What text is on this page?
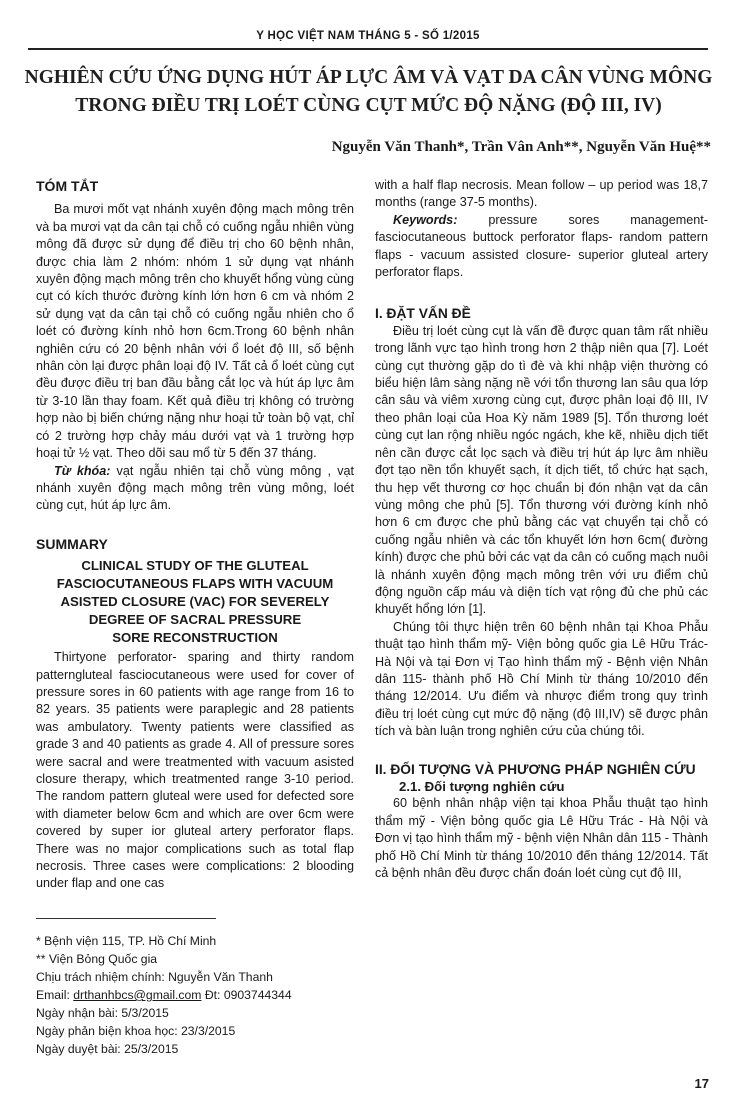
Y HỌC VIỆT NAM THÁNG 5 - SỐ 1/2015
NGHIÊN CỨU ỨNG DỤNG HÚT ÁP LỰC ÂM VÀ VẠT DA CÂN VÙNG MÔNG
TRONG ĐIỀU TRỊ LOÉT CÙNG CỤT MỨC ĐỘ NẶNG (ĐỘ III, IV)
Nguyễn Văn Thanh*, Trần Vân Anh**, Nguyễn Văn Huệ**
TÓM TẮT

Ba mươi mốt vạt nhánh xuyên động mạch mông trên và ba mươi vạt da cân tại chỗ có cuống ngẫu nhiên vùng mông đã được sử dụng để điều trị cho 60 bệnh nhân, được chia làm 2 nhóm: nhóm 1 sử dụng vạt nhánh xuyên động mạch mông trên cho khuyết hổng vùng cùng cụt có kích thước đường kính lớn hơn 6 cm và nhóm 2 sử dụng vạt da cân tại chỗ có cuống ngẫu nhiên cho ổ loét có đường kính nhỏ hơn 6cm.Trong 60 bệnh nhân nghiên cứu có 20 bệnh nhân với ổ loét độ III, số bệnh nhân còn lại được phân loại độ IV. Tất cả ổ loét cùng cụt đều được điều trị ban đầu bằng cắt lọc và hút áp lực âm từ 3-10 lần thay foam. Kết quả điều trị không có trường hợp nào bị biến chứng nặng như hoại tử toàn bộ vạt, chỉ có 2 trường hợp chảy máu dưới vạt và 1 trường hợp hoại tử ½ vạt. Theo dõi sau mổ từ 5 đến 37 tháng.

Từ khóa: vạt ngẫu nhiên tại chỗ vùng mông , vạt nhánh xuyên động mạch mông trên vùng mông, loét cùng cụt, hút áp lực âm.

SUMMARY
CLINICAL STUDY OF THE GLUTEAL
FASCIOCUTANEOUS FLAPS WITH VACUUM
ASISTED CLOSURE (VAC) FOR SEVERELY
DEGREE OF SACRAL PRESSURE
SORE RECONSTRUCTION

Thirtyone perforator- sparing and thirty random patterngluteal fasciocutaneous were used for cover of pressure sores in 60 patients with age range from 16 to 82 years. 35 patients were paraplegic and 28 patients was ambulatory. Twenty patients were classified as grade 3 and 40 patients as grade 4. All of pressure sores were sacral and were treatmented with vacuum asisted closure therapy, which treatmented range 3-10 period. The random pattern gluteal were used for defected sore with diameter below 6cm and which are over 6cm were covered by super ior gluteal artery perforator flaps. There was no major complications such as total flap necrosis. Three cases were complications: 2 blooding under flap and one cas

* Bệnh viện 115, TP. Hồ Chí Minh
** Viện Bỏng Quốc gia
Chịu trách nhiệm chính: Nguyễn Văn Thanh
Email: drthanhbcs@gmail.com Đt: 0903744344
Ngày nhận bài: 5/3/2015
Ngày phản biện khoa học: 23/3/2015
Ngày duyệt bài: 25/3/2015

with a half flap necrosis. Mean follow – up period was 18,7 months (range 37-5 months).

Keywords: pressure sores management- fasciocutaneous buttock perforator flaps- random pattern flaps - vacuum assisted closure- superior gluteal artery perforator flaps.

I. ĐẶT VẤN ĐỀ

Điều trị loét cùng cụt là vấn đề được quan tâm rất nhiều trong lãnh vực tạo hình trong hơn 2 thập niên qua [7]. Loét cùng cụt thường gặp do tì đè và khi nhập viện thường có biểu hiện lâm sàng nặng nề với tổn thương lan sâu qua lớp cân sâu và viêm xương cùng cụt, được phân loại độ III, IV theo phân loại của Hoa Kỳ năm 1989 [5]. Tổn thương loét cùng cụt lan rộng nhiều ngóc ngách, khe kẽ, nhiều dịch tiết nên cần được cắt lọc sạch và điều trị hút áp lực âm nhiều đợt tạo nền tổn khuyết sạch, ít dịch tiết, tổ chức hạt sạch, thu hẹp vết thương cơ học chuẩn bị đón nhận vạt da cân vùng mông che phủ [5]. Tổn thương với đường kính nhỏ hơn 6 cm được che phủ bằng các vạt chuyển tại chỗ có cuống ngẫu nhiên và các tổn khuyết lớn hơn 6cm( đường kính) được che phủ bởi các vạt da cân có cuống mạch nuôi là nhánh xuyên động mạch mông trên với ưu điểm chủ động nguồn cấp máu và diện tích vạt rộng đủ che phủ các khuyết hổng lớn [1].

Chúng tôi thực hiện trên 60 bệnh nhân tại Khoa Phẫu thuật tạo hình thẩm mỹ- Viện bỏng quốc gia Lê Hữu Trác- Hà Nội và tại Đơn vị Tạo hình thẩm mỹ - Bệnh viện Nhân dân 115- thành phố Hồ Chí Minh từ tháng 10/2010 đến tháng 12/2014. Ưu điểm và nhược điểm trong quy trình điều trị loét cùng cụt mức độ nặng (độ III,IV) sẽ được phân tích và bàn luận trong nghiên cứu của chúng tôi.

II. ĐỐI TƯỢNG VÀ PHƯƠNG PHÁP NGHIÊN CỨU
2.1. Đối tượng nghiên cứu

60 bệnh nhân nhập viện tại khoa Phẫu thuật tạo hình thẩm mỹ - Viện bỏng quốc gia Lê Hữu Trác - Hà Nội và Đơn vị tạo hình thẩm mỹ - bệnh viện Nhân dân 115 - Thành phố Hồ Chí Minh từ tháng 10/2010 đến tháng 12/2014. Tất cả bệnh nhân đều được chẩn đoán loét cùng cụt độ III,

17
